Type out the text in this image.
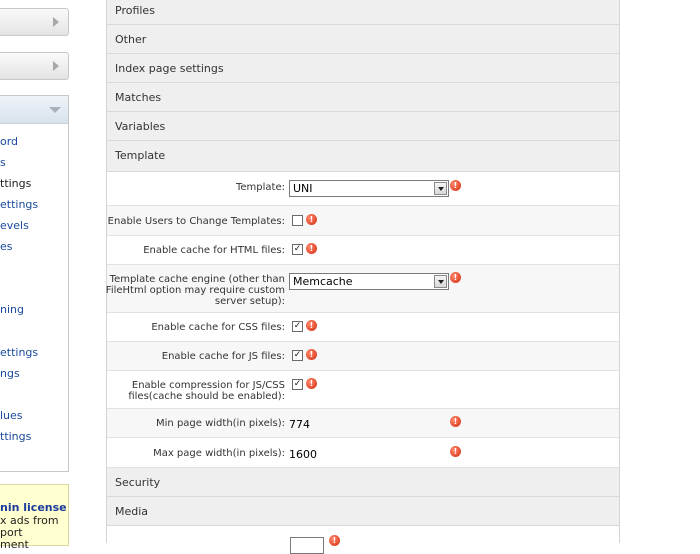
ord
s
ttings
ettings
evels
es
ning
ettings
ngs
lues
ttings
nin license
x ads from
port
ment
Profiles
Other
Index page settings
Matches
Variables
Template
Template: UNI	!
Enable Users to Change Templates:	!
Enable cache for HTML files: ✓	!
Template cache engine (other than
FileHtml option may require custom
server setup):
Memcache	!
Enable cache for CSS files: ✓	!
Enable cache for JS files: ✓	!
Enable compression for JS/CSS
files(cache should be enabled):
✓	!
Min page width(in pixels): 774	!
Max page width(in pixels): 1600	!
Security
Media
!
